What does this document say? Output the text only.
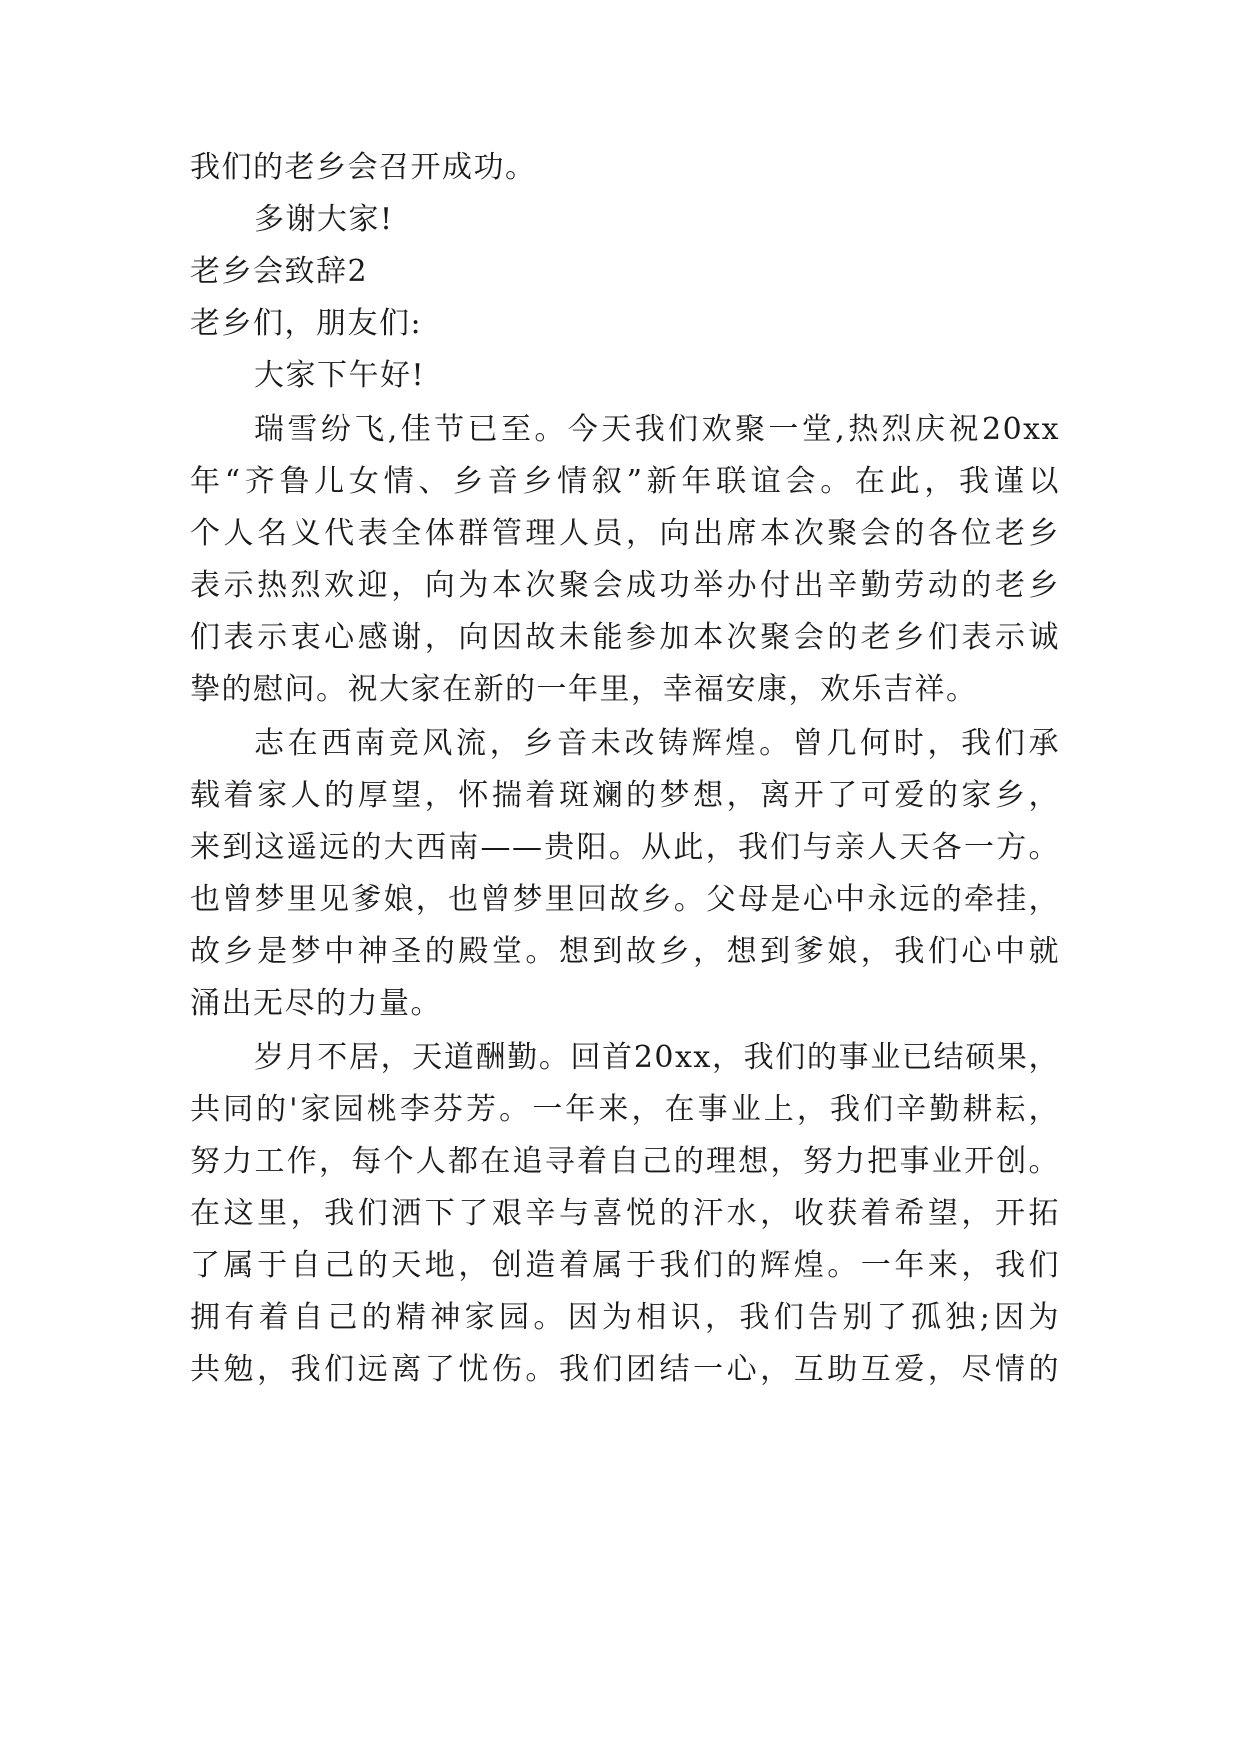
我们的老乡会召开成功。
多谢大家!
老乡会致辞2
老乡们，朋友们:
大家下午好!
瑞雪纷飞,佳节已至。今天我们欢聚一堂,热烈庆祝20xx
年“齐鲁儿女情、乡音乡情叙”新年联谊会。在此，我谨以
个人名义代表全体群管理人员，向出席本次聚会的各位老乡
表示热烈欢迎，向为本次聚会成功举办付出辛勤劳动的老乡
们表示衷心感谢，向因故未能参加本次聚会的老乡们表示诚
挚的慰问。祝大家在新的一年里，幸福安康，欢乐吉祥。
志在西南竞风流，乡音未改铸辉煌。曾几何时，我们承
载着家人的厚望，怀揣着斑斓的梦想，离开了可爱的家乡，
来到这遥远的大西南——贵阳。从此，我们与亲人天各一方。
也曾梦里见爹娘，也曾梦里回故乡。父母是心中永远的牵挂，
故乡是梦中神圣的殿堂。想到故乡，想到爹娘，我们心中就
涌出无尽的力量。
岁月不居，天道酬勤。回首20xx，我们的事业已结硕果，
共同的'家园桃李芬芳。一年来，在事业上，我们辛勤耕耘，
努力工作，每个人都在追寻着自己的理想，努力把事业开创。
在这里，我们洒下了艰辛与喜悦的汗水，收获着希望，开拓
了属于自己的天地，创造着属于我们的辉煌。一年来，我们
拥有着自己的精神家园。因为相识，我们告别了孤独;因为
共勉，我们远离了忧伤。我们团结一心，互助互爱，尽情的
